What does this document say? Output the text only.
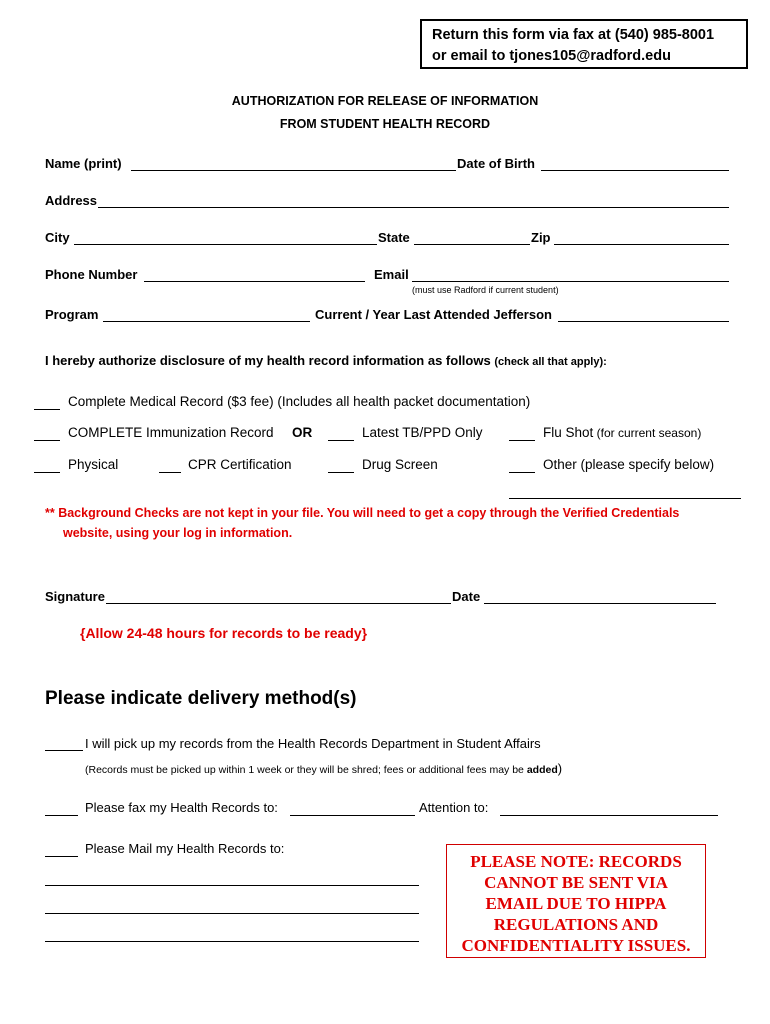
Return this form via fax at (540) 985-8001
or email to tjones105@radford.edu
AUTHORIZATION FOR RELEASE OF INFORMATION
FROM STUDENT HEALTH RECORD
Name (print)	Date of Birth
Address
City	State	Zip
Phone Number	Email
(must use Radford if current student)
Program	Current / Year Last Attended Jefferson
I hereby authorize disclosure of my health record information as follows (check all that apply):
Complete Medical Record ($3 fee) (Includes all health packet documentation)
COMPLETE Immunization Record OR	Latest TB/PPD Only	Flu Shot (for current season)
Physical	CPR Certification	Drug Screen	Other (please specify below)
** Background Checks are not kept in your file. You will need to get a copy through the Verified Credentials
website, using your log in information.
Signature	Date
{Allow 24-48 hours for records to be ready}
Please indicate delivery method(s)
I will pick up my records from the Health Records Department in Student Affairs
(Records must be picked up within 1 week or they will be shred; fees or additional fees may be added)
Please fax my Health Records to:	Attention to:
Please Mail my Health Records to:
PLEASE NOTE: RECORDS
CANNOT BE SENT VIA
EMAIL DUE TO HIPPA
REGULATIONS AND
CONFIDENTIALITY ISSUES.
